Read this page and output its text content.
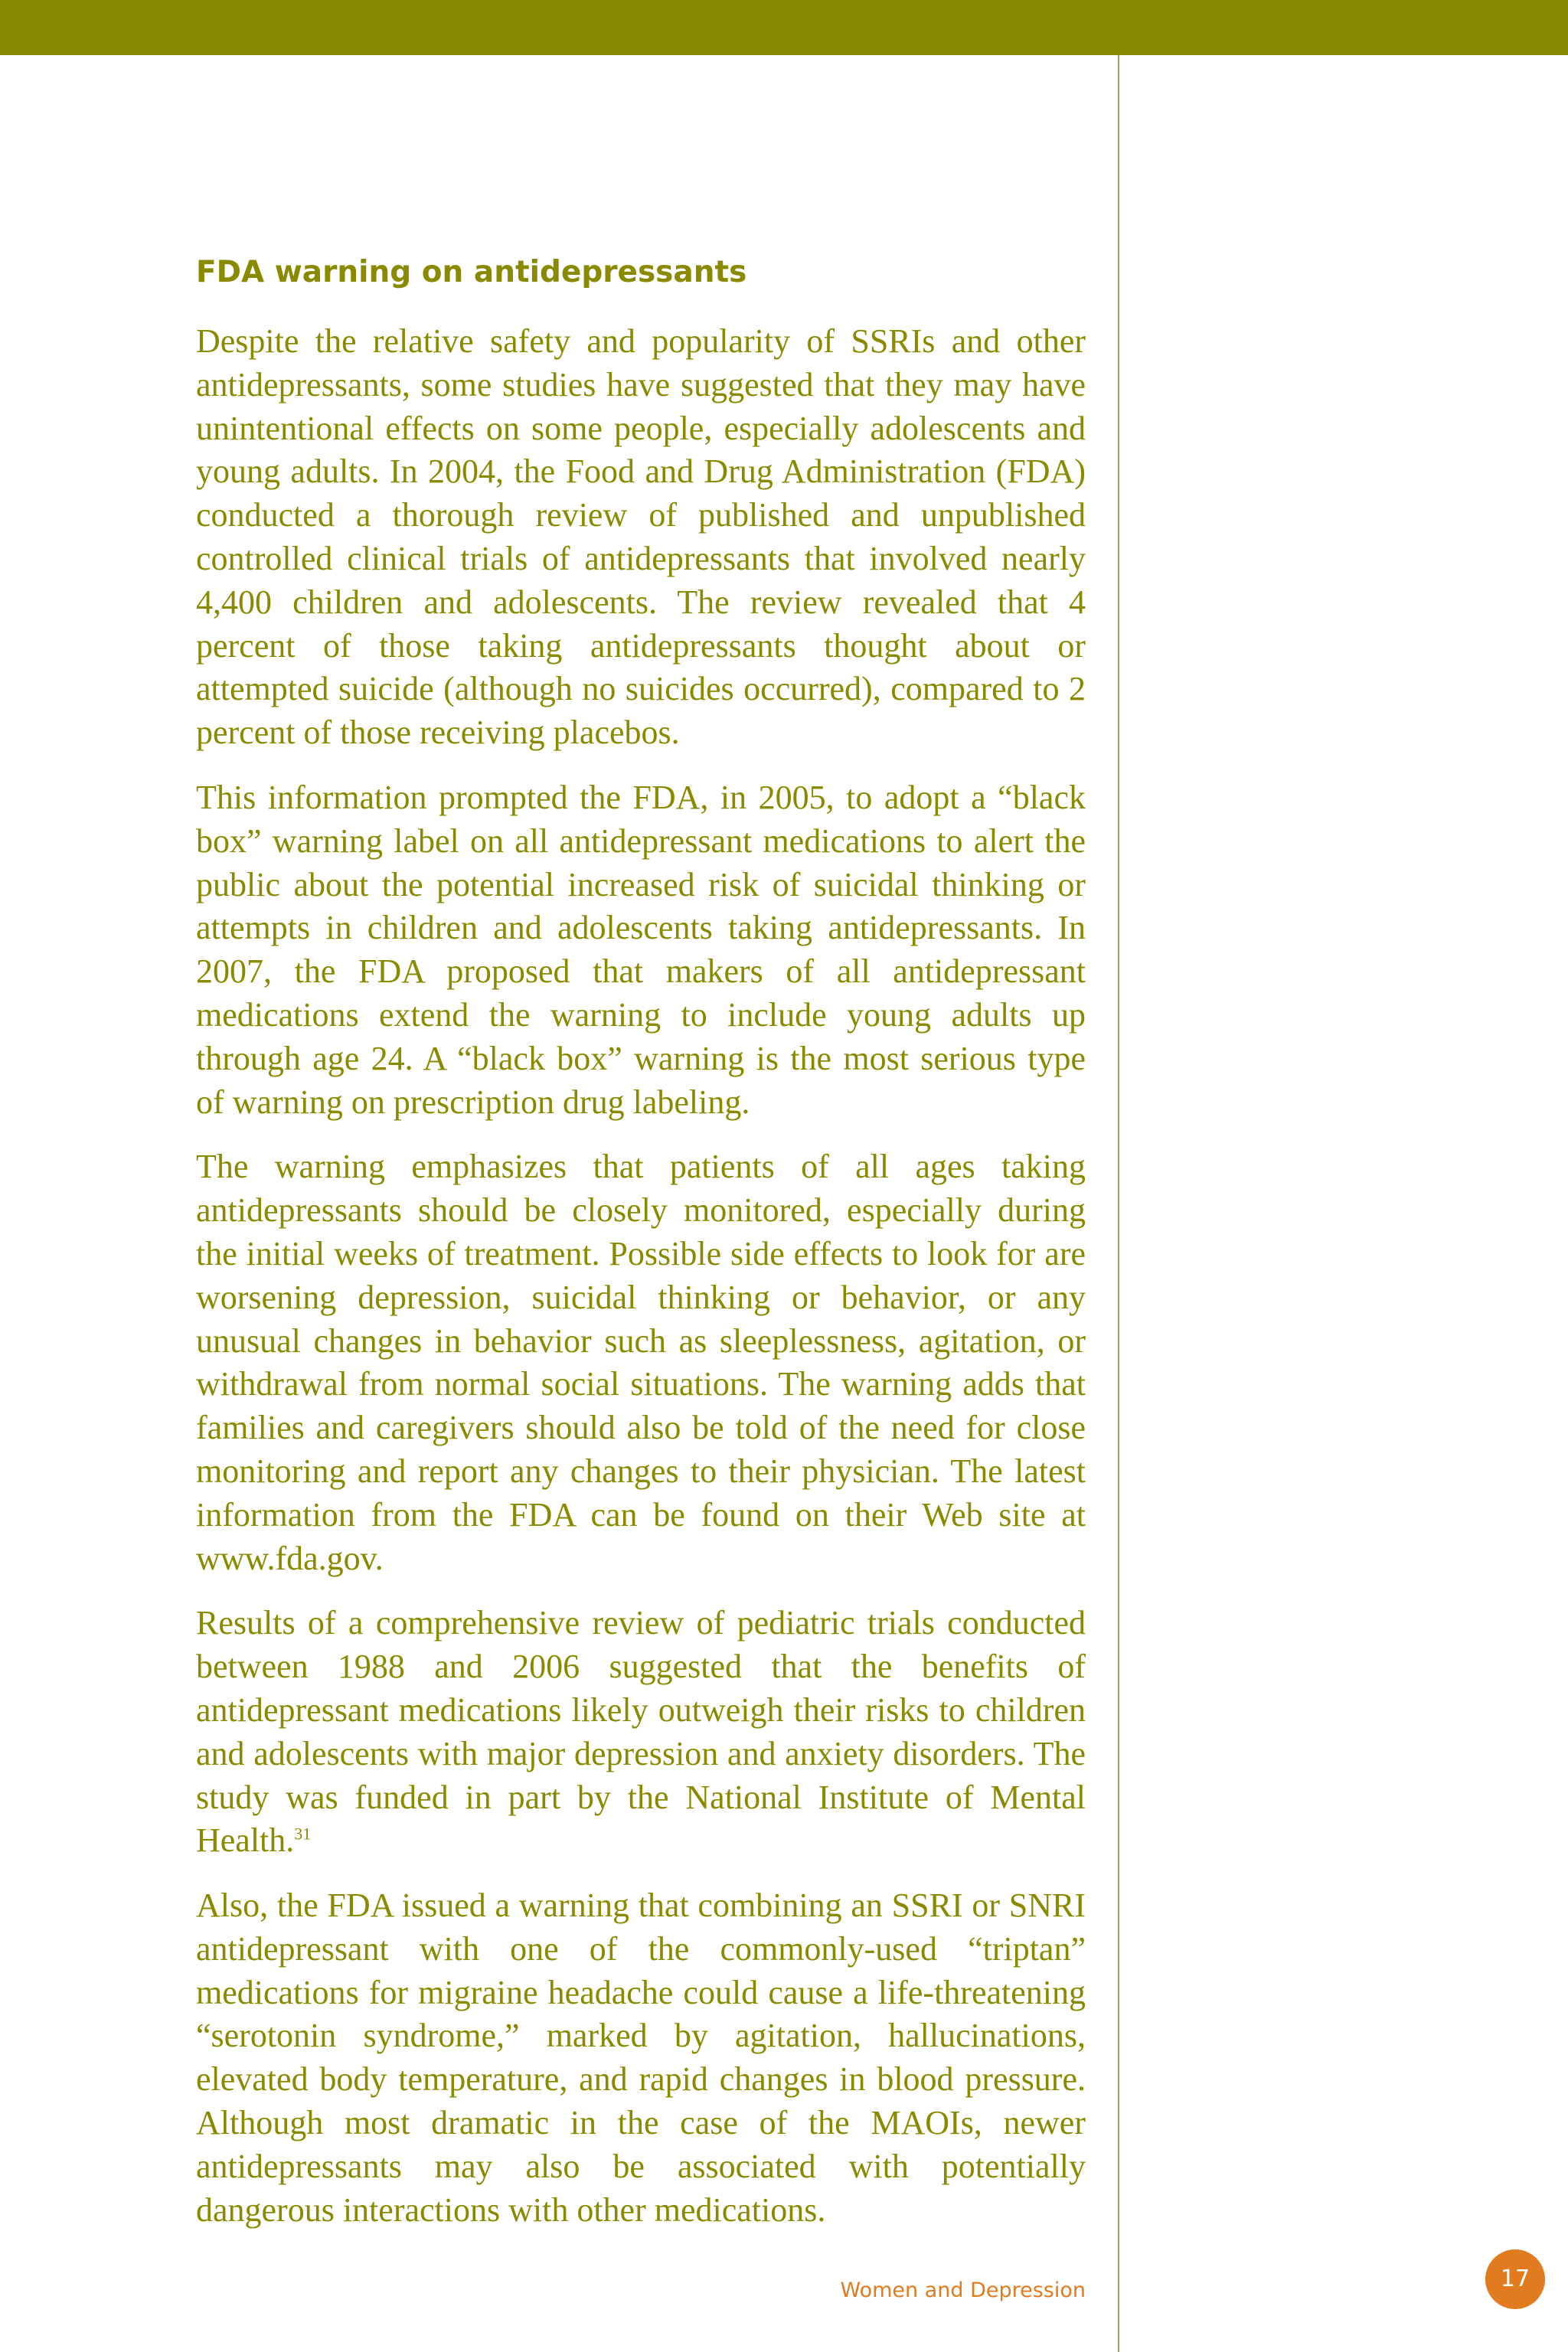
FDA warning on antidepressants

Despite the relative safety and popularity of SSRIs and other antidepressants, some studies have suggested that they may have unintentional effects on some people, especially adolescents and young adults. In 2004, the Food and Drug Administration (FDA) conducted a thorough review of published and unpublished controlled clinical trials of antidepressants that involved nearly 4,400 children and adolescents. The review revealed that 4 percent of those taking antidepressants thought about or attempted suicide (although no suicides occurred), compared to 2 percent of those receiving placebos.

This information prompted the FDA, in 2005, to adopt a “black box” warning label on all antidepressant medications to alert the public about the potential increased risk of suicidal thinking or attempts in children and adolescents taking antidepressants. In 2007, the FDA proposed that makers of all antidepressant medications extend the warning to include young adults up through age 24. A “black box” warning is the most serious type of warning on prescription drug labeling.

The warning emphasizes that patients of all ages taking antidepressants should be closely monitored, especially during the initial weeks of treatment. Possible side effects to look for are worsening depression, suicidal thinking or behavior, or any unusual changes in behavior such as sleeplessness, agitation, or withdrawal from normal social situations. The warning adds that families and caregivers should also be told of the need for close monitoring and report any changes to their physician. The latest information from the FDA can be found on their Web site at www.fda.gov.

Results of a comprehensive review of pediatric trials conducted between 1988 and 2006 suggested that the benefits of antidepressant medications likely outweigh their risks to children and adolescents with major depression and anxiety disorders. The study was funded in part by the National Institute of Mental Health.$^{31}$

Also, the FDA issued a warning that combining an SSRI or SNRI antidepressant with one of the commonly-used “triptan” medications for migraine headache could cause a life-threatening “serotonin syndrome,” marked by agitation, hallucinations, elevated body temperature, and rapid changes in blood pressure. Although most dramatic in the case of the MAOIs, newer antidepressants may also be associated with potentially dangerous interactions with other medications.

Women and Depression	17
